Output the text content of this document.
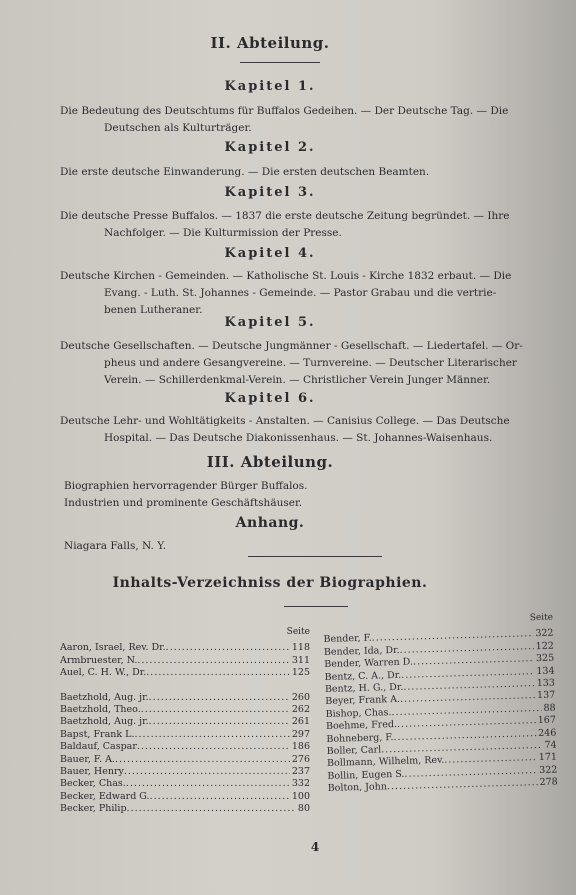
II. Abteilung.
Kapitel 1.
Die Bedeutung des Deutschtums für Buffalos Gedeihen. — Der Deutsche Tag. — Die
Deutschen als Kulturträger.
Kapitel 2.
Die erste deutsche Einwanderung. — Die ersten deutschen Beamten.
Kapitel 3.
Die deutsche Presse Buffalos. — 1837 die erste deutsche Zeitung begründet. — Ihre
Nachfolger. — Die Kulturmission der Presse.
Kapitel 4.
Deutsche Kirchen - Gemeinden. — Katholische St. Louis - Kirche 1832 erbaut. — Die
Evang. - Luth. St. Johannes - Gemeinde. — Pastor Grabau und die vertrie-
benen Lutheraner.
Kapitel 5.
Deutsche Gesellschaften. — Deutsche Jungmänner - Gesellschaft. — Liedertafel. — Or-
pheus und andere Gesangvereine. — Turnvereine. — Deutscher Literarischer
Verein. — Schillerdenkmal-Verein. — Christlicher Verein Junger Männer.
Kapitel 6.
Deutsche Lehr- und Wohltätigkeits - Anstalten. — Canisius College. — Das Deutsche
Hospital. — Das Deutsche Diakonissenhaus. — St. Johannes-Waisenhaus.
III. Abteilung.
Biographien hervorragender Bürger Buffalos.
Industrien und prominente Geschäftshäuser.
Anhang.
Niagara Falls, N. Y.
Inhalts-Verzeichniss der Biographien.
Seite
Aaron, Israel, Rev. Dr. .....	118
Armbruester, N. .....	311
Auel, C. H. W., Dr. .....	125
Baetzhold, Aug. jr. .....	260
Baetzhold, Theo. .....	262
Baetzhold, Aug. jr. .....	261
Bapst, Frank L. .....	297
Baldauf, Caspar .....	186
Bauer, F. A. .....	276
Bauer, Henry .....	237
Becker, Chas. .....	332
Becker, Edward G. .....	100
Becker, Philip .....	80
Seite
Bender, F. .....	322
Bender, Ida, Dr. .....	122
Bender, Warren D. .....	325
Bentz, C. A., Dr. .....	134
Bentz, H. G., Dr. .....	133
Beyer, Frank A. .....	137
Bishop, Chas. .....	88
Boehme, Fred. .....	167
Bohneberg, F. .....	246
Boller, Carl .....	74
Bollmann, Wilhelm, Rev. .....	171
Bollin, Eugen S. .....	322
Bolton, John .....	278
4
